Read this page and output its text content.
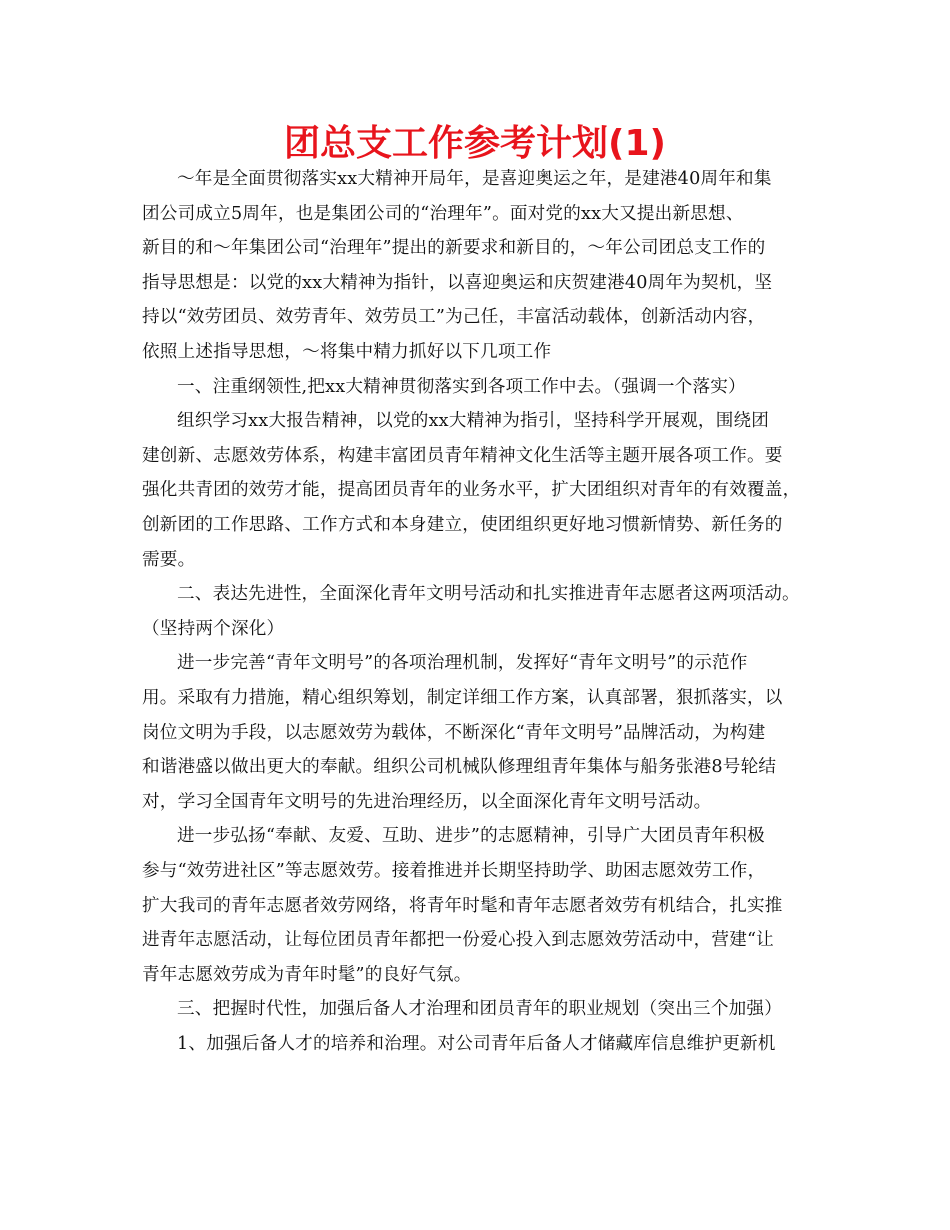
团总支工作参考计划(1)

～年是全面贯彻落实xx大精神开局年，是喜迎奥运之年，是建港40周年和集

团公司成立5周年，也是集团公司的“治理年”。面对党的xx大又提出新思想、

新目的和～年集团公司“治理年”提出的新要求和新目的，～年公司团总支工作的

指导思想是：以党的xx大精神为指针，以喜迎奥运和庆贺建港40周年为契机，坚

持以“效劳团员、效劳青年、效劳员工”为己任，丰富活动载体，创新活动内容，

依照上述指导思想，～将集中精力抓好以下几项工作

一、注重纲领性,把xx大精神贯彻落实到各项工作中去。（强调一个落实）

组织学习xx大报告精神，以党的xx大精神为指引，坚持科学开展观，围绕团

建创新、志愿效劳体系，构建丰富团员青年精神文化生活等主题开展各项工作。要

强化共青团的效劳才能，提高团员青年的业务水平，扩大团组织对青年的有效覆盖，

创新团的工作思路、工作方式和本身建立，使团组织更好地习惯新情势、新任务的

需要。

二、表达先进性，全面深化青年文明号活动和扎实推进青年志愿者这两项活动。

（坚持两个深化）

进一步完善“青年文明号”的各项治理机制，发挥好“青年文明号”的示范作

用。采取有力措施，精心组织筹划，制定详细工作方案，认真部署，狠抓落实，以

岗位文明为手段，以志愿效劳为载体，不断深化“青年文明号”品牌活动，为构建

和谐港盛以做出更大的奉献。组织公司机械队修理组青年集体与船务张港8号轮结

对，学习全国青年文明号的先进治理经历，以全面深化青年文明号活动。

进一步弘扬“奉献、友爱、互助、进步”的志愿精神，引导广大团员青年积极

参与“效劳进社区”等志愿效劳。接着推进并长期坚持助学、助困志愿效劳工作，

扩大我司的青年志愿者效劳网络，将青年时髦和青年志愿者效劳有机结合，扎实推

进青年志愿活动，让每位团员青年都把一份爱心投入到志愿效劳活动中，营建“让

青年志愿效劳成为青年时髦”的良好气氛。

三、把握时代性，加强后备人才治理和团员青年的职业规划（突出三个加强）

1、加强后备人才的培养和治理。对公司青年后备人才储藏库信息维护更新机
